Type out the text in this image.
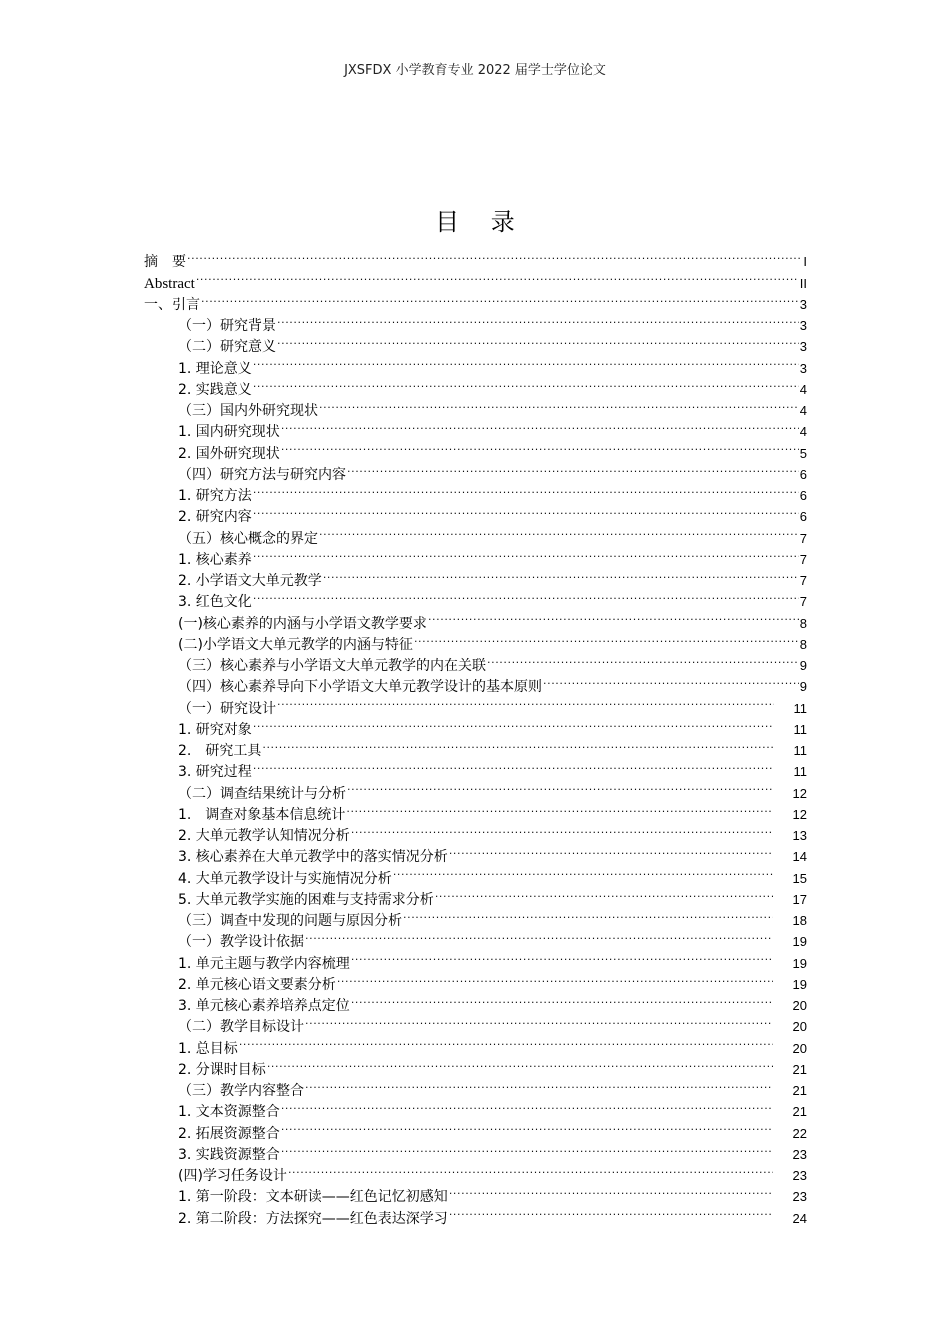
JXSFDX 小学教育专业 2022 届学士学位论文
目 录
摘　要 .....	I
Abstract .....	II
一、引言 .....	3
（一）研究背景 .....	3
（二）研究意义 .....	3
1. 理论意义 .....	3
2. 实践意义 .....	4
（三）国内外研究现状 .....	4
1. 国内研究现状 .....	4
2. 国外研究现状 .....	5
（四）研究方法与研究内容 .....	6
1. 研究方法 .....	6
2. 研究内容 .....	6
（五）核心概念的界定 .....	7
1. 核心素养 .....	7
2. 小学语文大单元教学 .....	7
3. 红色文化 .....	7
(一)核心素养的内涵与小学语文教学要求 .....	8
(二)小学语文大单元教学的内涵与特征 .....	8
（三）核心素养与小学语文大单元教学的内在关联 .....	9
（四）核心素养导向下小学语文大单元教学设计的基本原则 .....	9
（一）研究设计 .....	11
1. 研究对象 .....	11
2.　研究工具 .....	11
3. 研究过程 .....	11
（二）调查结果统计与分析 .....	12
1.　调查对象基本信息统计 .....	12
2. 大单元教学认知情况分析 .....	13
3. 核心素养在大单元教学中的落实情况分析 .....	14
4. 大单元教学设计与实施情况分析 .....	15
5. 大单元教学实施的困难与支持需求分析 .....	17
（三）调查中发现的问题与原因分析 .....	18
（一）教学设计依据 .....	19
1. 单元主题与教学内容梳理 .....	19
2. 单元核心语文要素分析 .....	19
3. 单元核心素养培养点定位 .....	20
（二）教学目标设计 .....	20
1. 总目标 .....	20
2. 分课时目标 .....	21
（三）教学内容整合 .....	21
1. 文本资源整合 .....	21
2. 拓展资源整合 .....	22
3. 实践资源整合 .....	23
(四)学习任务设计 .....	23
1. 第一阶段：文本研读——红色记忆初感知 .....	23
2. 第二阶段：方法探究——红色表达深学习 .....	24
